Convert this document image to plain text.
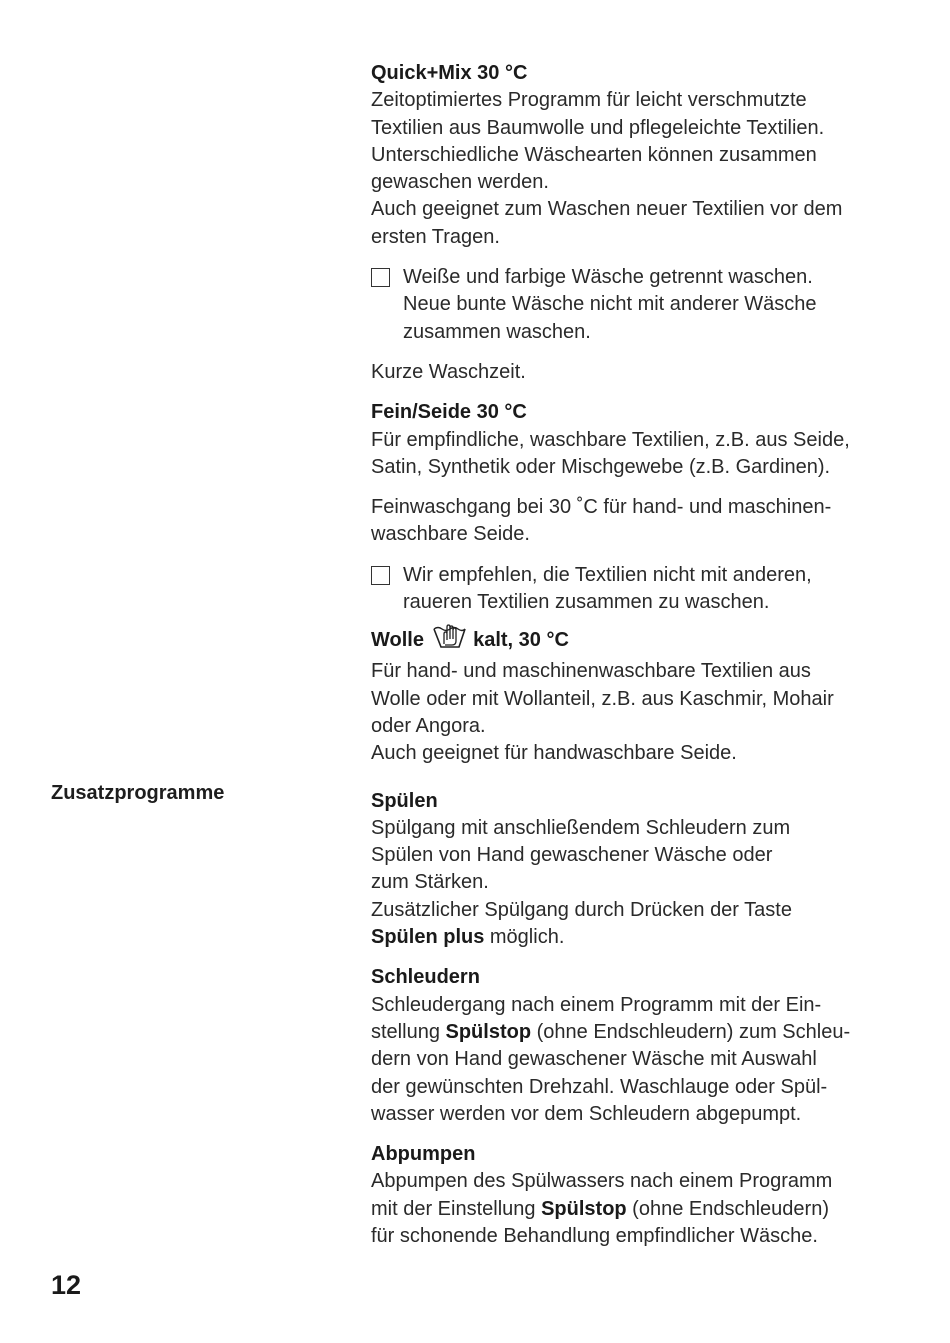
Zusatzprogramme

Quick+Mix 30 °C

Zeitoptimiertes Programm für leicht verschmutzte

Textilien aus Baumwolle und pflegeleichte Textilien.

Unterschiedliche Wäschearten können zusammen

gewaschen werden.

Auch geeignet zum Waschen neuer Textilien vor dem

ersten Tragen.

Weiße und farbige Wäsche getrennt waschen.

Neue bunte Wäsche nicht mit anderer Wäsche

zusammen waschen.

Kurze Waschzeit.

Fein/Seide 30 °C

Für empfindliche, waschbare Textilien, z.B. aus Seide,

Satin, Synthetik oder Mischgewebe (z.B. Gardinen).

Feinwaschgang bei 30 ˚C für hand- und maschinen-

waschbare Seide.

Wir empfehlen, die Textilien nicht mit anderen,

raueren Textilien zusammen zu waschen.

Wolle kalt, 30 °C

Für hand- und maschinenwaschbare Textilien aus

Wolle oder mit Wollanteil, z.B. aus Kaschmir, Mohair

oder Angora.

Auch geeignet für handwaschbare Seide.

Spülen

Spülgang mit anschließendem Schleudern zum

Spülen von Hand gewaschener Wäsche oder

zum Stärken.

Zusätzlicher Spülgang durch Drücken der Taste

Spülen plus möglich.

Schleudern

Schleudergang nach einem Programm mit der Ein-

stellung Spülstop (ohne Endschleudern) zum Schleu-

dern von Hand gewaschener Wäsche mit Auswahl

der gewünschten Drehzahl. Waschlauge oder Spül-

wasser werden vor dem Schleudern abgepumpt.

Abpumpen

Abpumpen des Spülwassers nach einem Programm

mit der Einstellung Spülstop (ohne Endschleudern)

für schonende Behandlung empfindlicher Wäsche.

12
